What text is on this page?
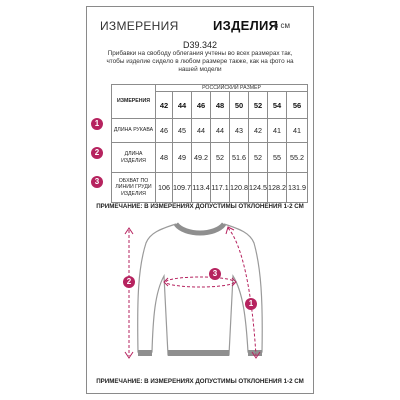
ИЗМЕРЕНИЯ	ИЗДЕЛИЯ
в см
D39.342
Прибавки на свободу облегания учтены во всех размерах так, чтобы изделие сидело в любом размере также, как на фото на нашей модели
ИЗМЕРЕНИЯ	РОССИЙСКИЙ РАЗМЕР							
	42	44	46	48	50	52	54	56
ДЛИНА РУКАВА	46	45	44	44	43	42	41	41
ДЛИНА ИЗДЕЛИЯ	48	49	49.2	52	51.6	52	55	55.2
ОБХВАТ ПО ЛИНИИ ГРУДИ ИЗДЕЛИЯ	106	109.7	113.4	117.1	120.8	124.5	128.2	131.9
1
2
3
ПРИМЕЧАНИЕ: В ИЗМЕРЕНИЯХ ДОПУСТИМЫ ОТКЛОНЕНИЯ 1-2 СМ
2
3
1
ПРИМЕЧАНИЕ: В ИЗМЕРЕНИЯХ ДОПУСТИМЫ ОТКЛОНЕНИЯ 1-2 СМ
